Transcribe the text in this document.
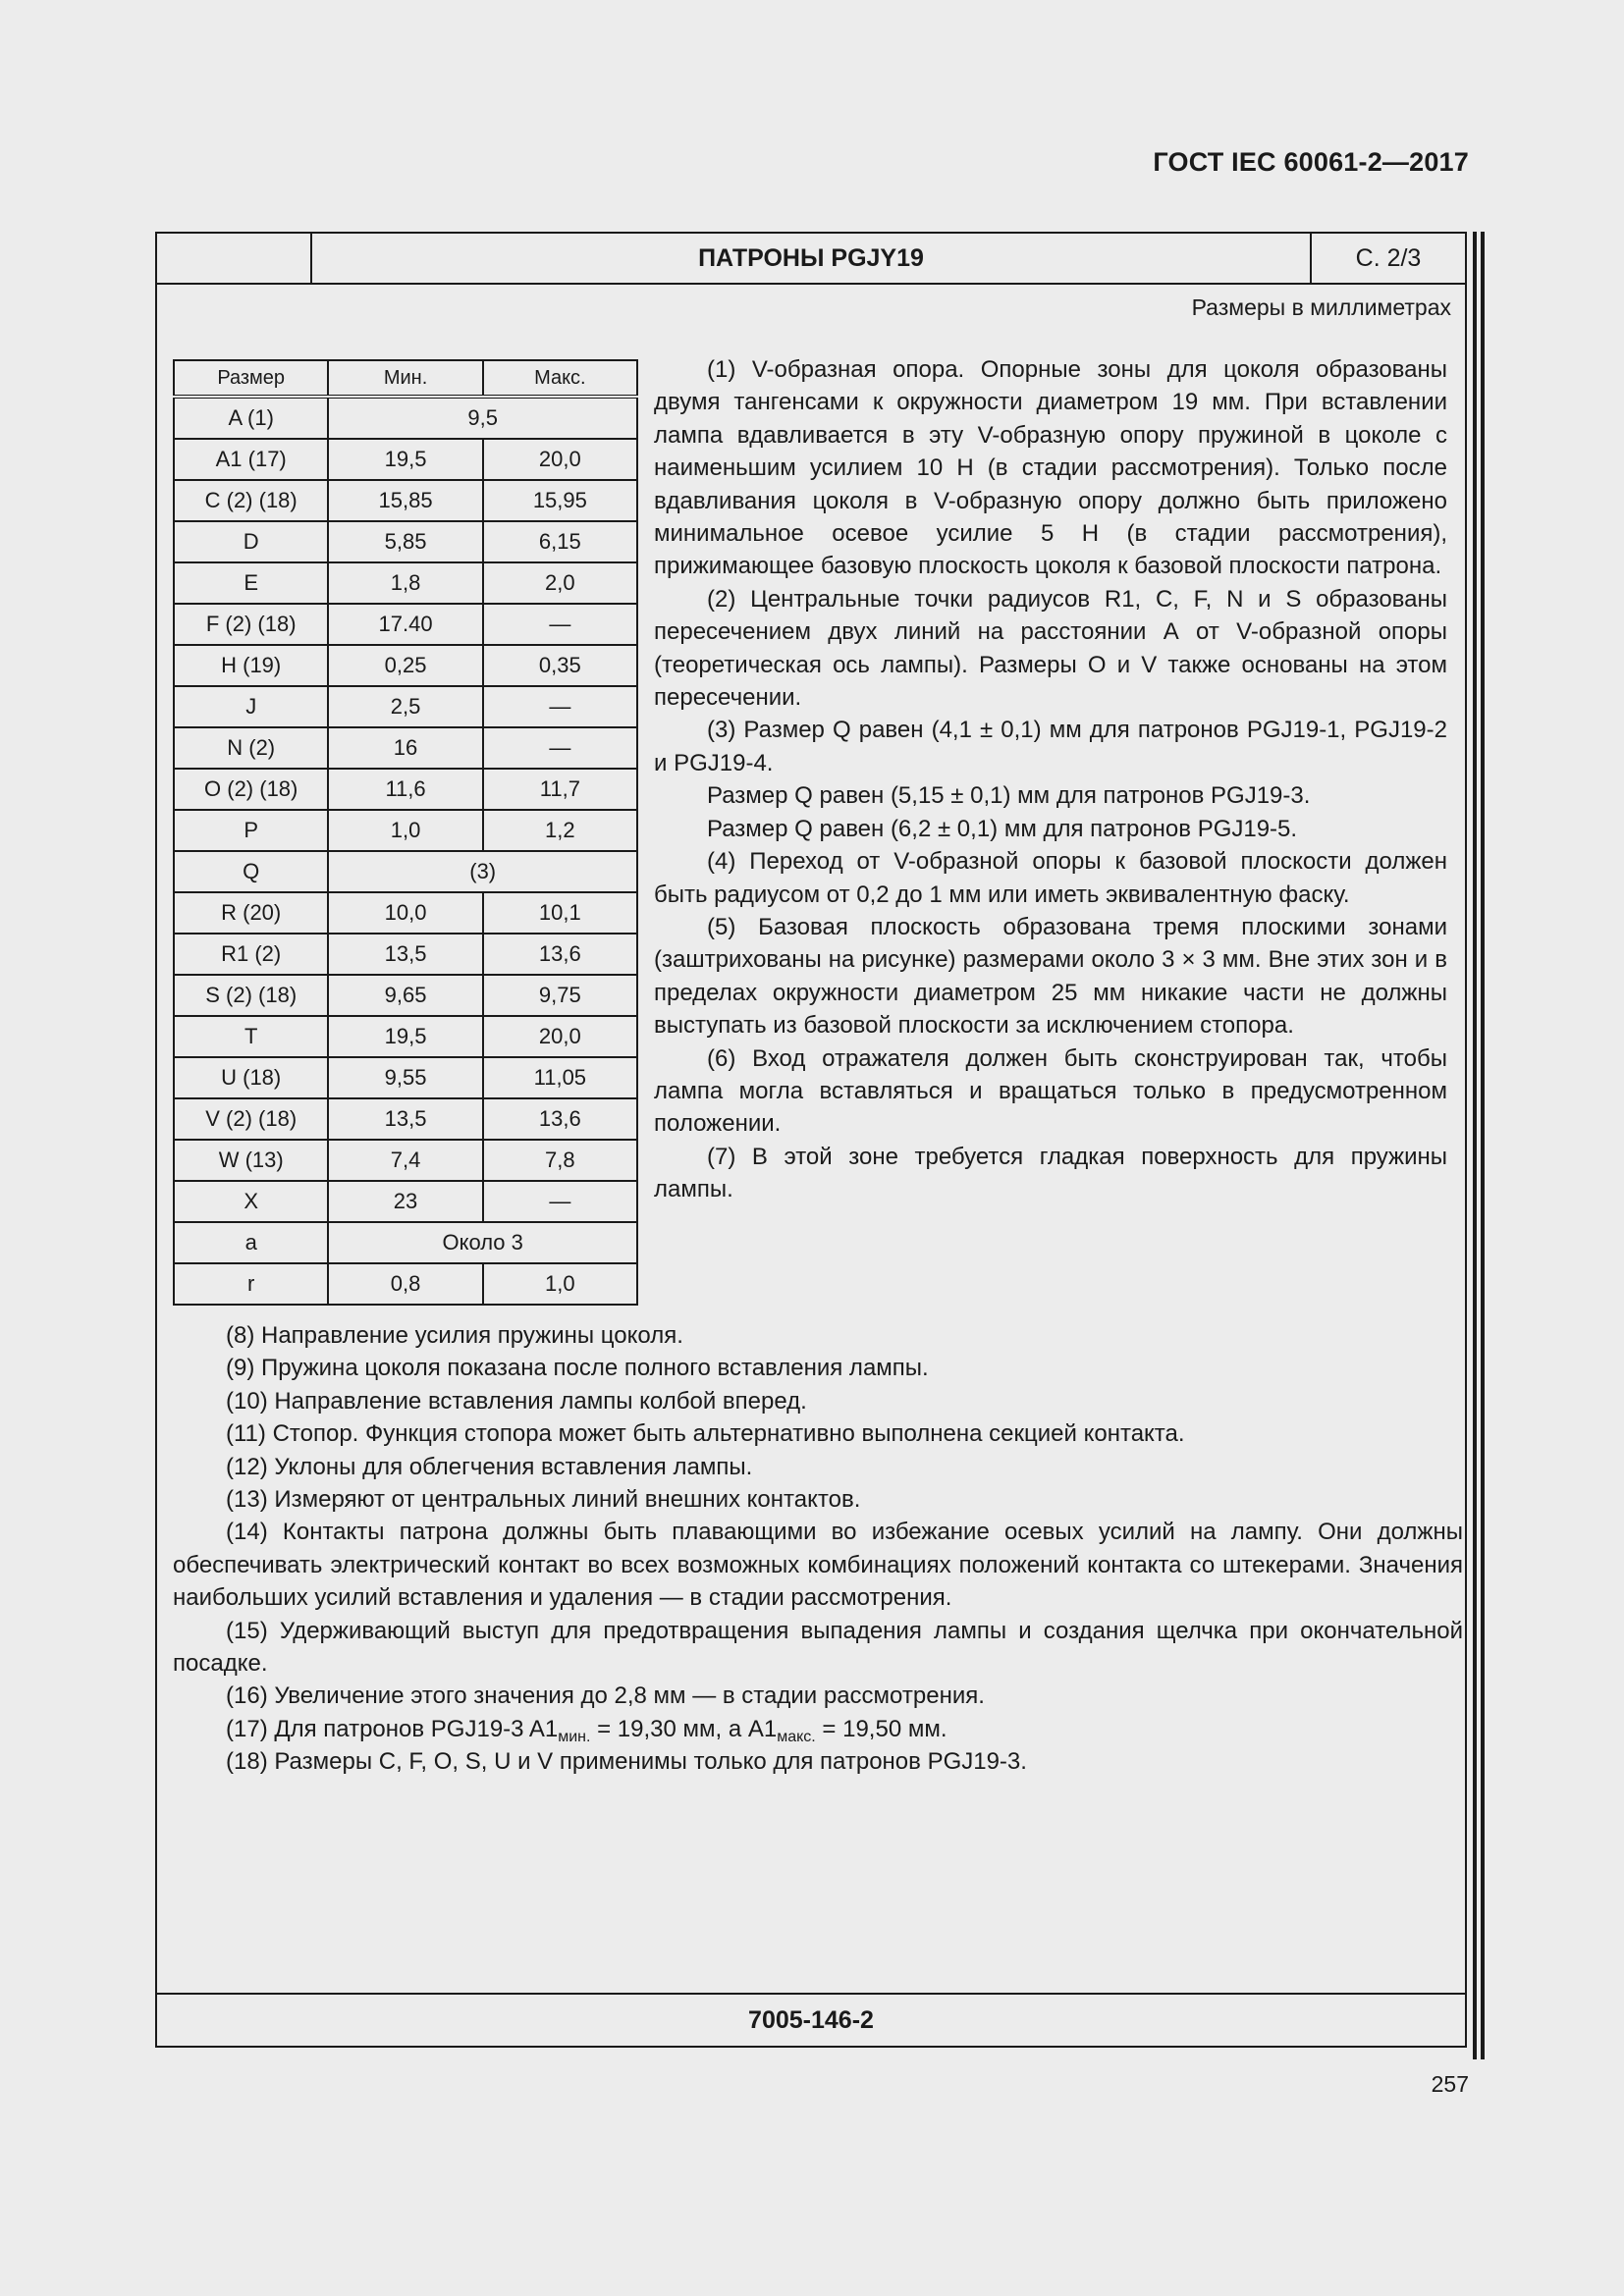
ГОСТ IEC 60061-2—2017
ПАТРОНЫ PGJY19	С. 2/3
Размеры в миллиметрах
Размер	Мин.	Макс.
A (1)	9,5	
A1 (17)	19,5	20,0
C (2) (18)	15,85	15,95
D	5,85	6,15
E	1,8	2,0
F (2) (18)	17.40	—
H (19)	0,25	0,35
J	2,5	—
N (2)	16	—
O (2) (18)	11,6	11,7
P	1,0	1,2
Q	(3)	
R (20)	10,0	10,1
R1 (2)	13,5	13,6
S (2) (18)	9,65	9,75
T	19,5	20,0
U (18)	9,55	11,05
V (2) (18)	13,5	13,6
W (13)	7,4	7,8
X	23	—
a	Около 3	
r	0,8	1,0

(1) V-образная опора. Опорные зоны для цоколя образованы двумя тангенсами к окружности диаметром 19 мм. При вставлении лампа вдавливается в эту V-образную опору пружиной в цоколе с наименьшим усилием 10 Н (в стадии рассмотрения). Только после вдавливания цоколя в V-образную опору должно быть приложено минимальное осевое усилие 5 Н (в стадии рассмотрения), прижимающее базовую плоскость цоколя к базовой плоскости патрона.

(2) Центральные точки радиусов R1, C, F, N и S образованы пересечением двух линий на расстоянии А от V-образной опоры (теоретическая ось лампы). Размеры O и V также основаны на этом пересечении.

(3) Размер Q равен (4,1 ± 0,1) мм для патронов PGJ19-1, PGJ19-2 и PGJ19-4.

Размер Q равен (5,15 ± 0,1) мм для патронов PGJ19-3.

Размер Q равен (6,2 ± 0,1) мм для патронов PGJ19-5.

(4) Переход от V-образной опоры к базовой плоскости должен быть радиусом от 0,2 до 1 мм или иметь эквивалентную фаску.

(5) Базовая плоскость образована тремя плоскими зонами (заштрихованы на рисунке) размерами около 3 × 3 мм. Вне этих зон и в пределах окружности диаметром 25 мм никакие части не должны выступать из базовой плоскости за исключением стопора.

(6) Вход отражателя должен быть сконструирован так, чтобы лампа могла вставляться и вращаться только в предусмотренном положении.

(7) В этой зоне требуется гладкая поверхность для пружины лампы.

(8) Направление усилия пружины цоколя.

(9) Пружина цоколя показана после полного вставления лампы.

(10) Направление вставления лампы колбой вперед.

(11) Стопор. Функция стопора может быть альтернативно выполнена секцией контакта.

(12) Уклоны для облегчения вставления лампы.

(13) Измеряют от центральных линий внешних контактов.

(14) Контакты патрона должны быть плавающими во избежание осевых усилий на лампу. Они должны обеспечивать электрический контакт во всех возможных комбинациях положений контакта со штекерами. Значения наибольших усилий вставления и удаления — в стадии рассмотрения.

(15) Удерживающий выступ для предотвращения выпадения лампы и создания щелчка при окончательной посадке.

(16) Увеличение этого значения до 2,8 мм — в стадии рассмотрения.

(17) Для патронов PGJ19-3 $A1_{мин.} = 19,30$ мм, а $A1_{макс.} = 19,50$ мм.

(18) Размеры C, F, O, S, U и V применимы только для патронов PGJ19-3.

7005-146-2
257
